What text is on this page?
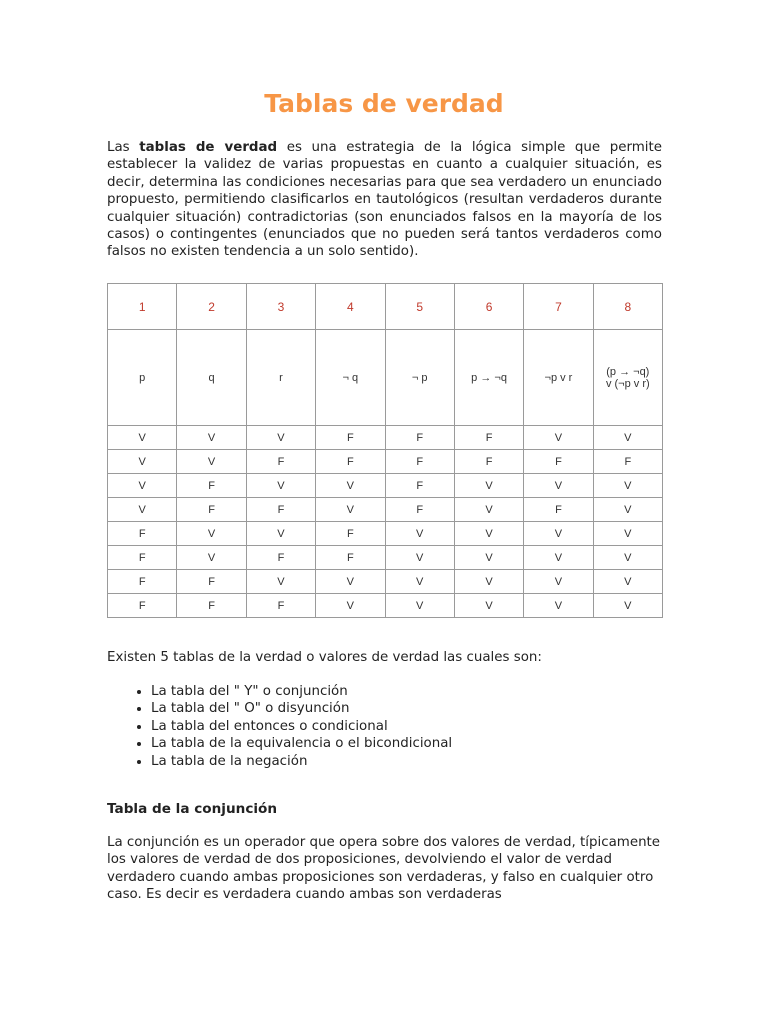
Tablas de verdad

Las tablas de verdad es una estrategia de la lógica simple que permite establecer la validez de varias propuestas en cuanto a cualquier situación, es decir, determina las condiciones necesarias para que sea verdadero un enunciado propuesto, permitiendo clasificarlos en tautológicos (resultan verdaderos durante cualquier situación) contradictorias (son enunciados falsos en la mayoría de los casos) o contingentes (enunciados que no pueden será tantos verdaderos como falsos no existen tendencia a un solo sentido).

1	2	3	4	5	6	7	8
p	q	r	¬ q	¬ p	p → ¬q	¬p v r	(p → ¬q)
v (¬p v r)
V	V	V	F	F	F	V	V
V	V	F	F	F	F	F	F
V	F	V	V	F	V	V	V
V	F	F	V	F	V	F	V
F	V	V	F	V	V	V	V
F	V	F	F	V	V	V	V
F	F	V	V	V	V	V	V
F	F	F	V	V	V	V	V

Existen 5 tablas de la verdad o valores de verdad las cuales son:

• La tabla del " Y" o conjunción
• La tabla del " O" o disyunción
• La tabla del entonces o condicional
• La tabla de la equivalencia o el bicondicional
• La tabla de la negación
Tabla de la conjunción

La conjunción es un operador que opera sobre dos valores de verdad, típicamente los valores de verdad de dos proposiciones, devolviendo el valor de verdad verdadero cuando ambas proposiciones son verdaderas, y falso en cualquier otro caso. Es decir es verdadera cuando ambas son verdaderas
